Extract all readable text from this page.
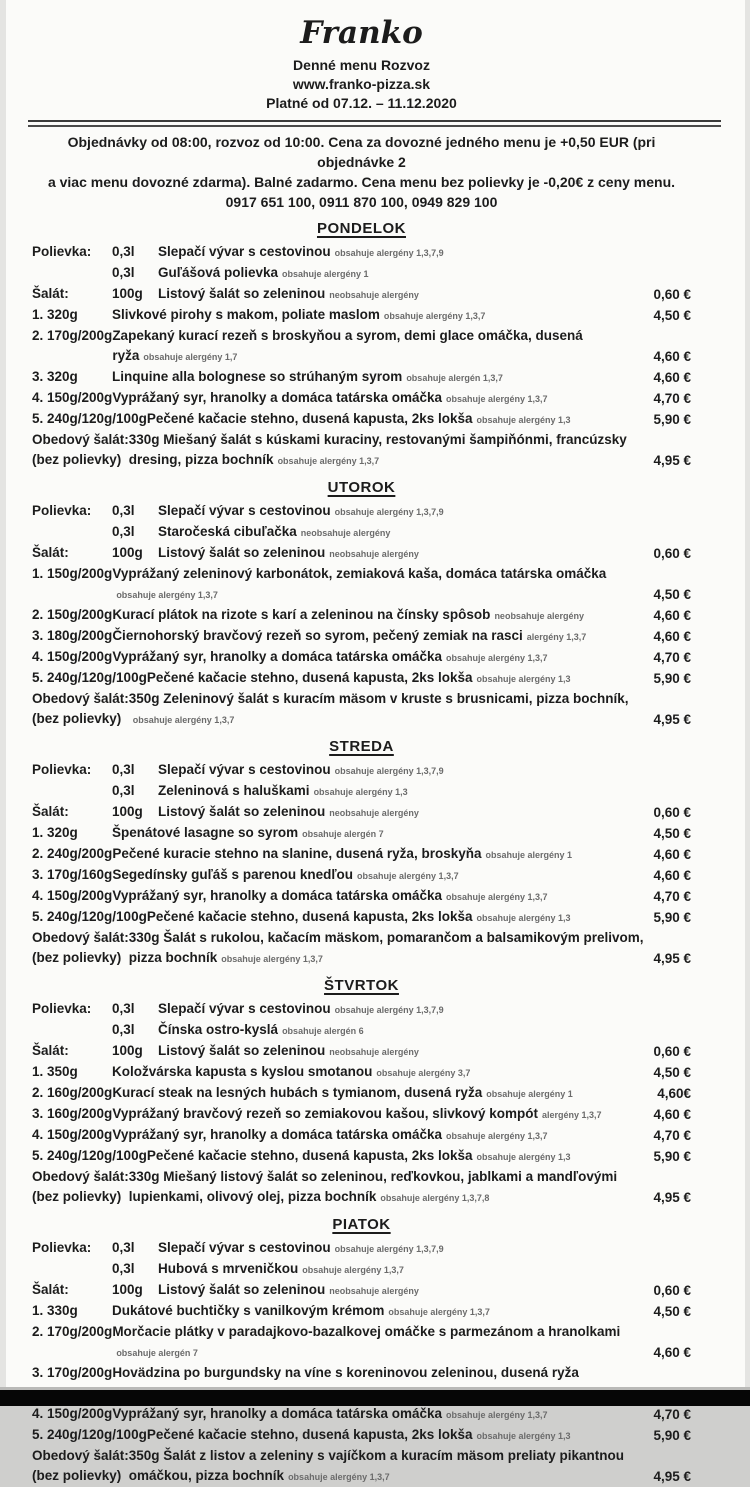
Franko
Denné menu Rozvoz
www.franko-pizza.sk
Platné od 07.12. – 11.12.2020
Objednávky od 08:00, rozvoz od 10:00. Cena za dovozné jedného menu je +0,50 EUR (pri objednávke 2
a viac menu dovozné zdarma). Balné zadarmo. Cena menu bez polievky je -0,20€ z ceny menu.
0917 651 100, 0911 870 100, 0949 829 100
PONDELOK
Polievka:	0,3l	Slepačí vývar s cestovinou obsahuje alergény 1,3,7,9

0,3l	Guľášová polievka obsahuje alergény 1
Šalát:	100g	Listový šalát so zeleninou neobsahuje alergény	0,60 €
1. 320g	Slivkové pirohy s makom, poliate maslom obsahuje alergény 1,3,7	4,50 €
2. 170g/200g Zapekaný kurací rezeň s broskyňou a syrom, demi glace omáčka, dusená
ryža obsahuje alergény 1,7	4,60 €
3. 320g	Linquine alla bolognese so strúhaným syrom obsahuje alergén 1,3,7	4,60 €
4. 150g/200g Vyprážaný syr, hranolky a domáca tatárska omáčka obsahuje alergény 1,3,7	4,70 €
5. 240g/120g/100g Pečené kačacie stehno, dusená kapusta, 2ks lokša obsahuje alergény 1,3	5,90 €
Obedový šalát:
(bez polievky)
330g Miešaný šalát s kúskami kuraciny, restovanými šampiňónmi, francúzsky
dresing, pizza bochník obsahuje alergény 1,3,7	4,95 €
UTOROK
Polievka:	0,3l	Slepačí vývar s cestovinou obsahuje alergény 1,3,7,9

0,3l	Staročeská cibuľačka neobsahuje alergény
Šalát:	100g	Listový šalát so zeleninou neobsahuje alergény	0,60 €
1. 150g/200g Vyprážaný zeleninový karbonátok, zemiaková kaša, domáca tatárska omáčka
obsahuje alergény 1,3,7	4,50 €
2. 150g/200g Kurací plátok na rizote s karí a zeleninou na čínsky spôsob neobsahuje alergény	4,60 €
3. 180g/200g Čiernohorský bravčový rezeň so syrom, pečený zemiak na rasci alergény 1,3,7	4,60 €
4. 150g/200g Vyprážaný syr, hranolky a domáca tatárska omáčka obsahuje alergény 1,3,7	4,70 €
5. 240g/120g/100g Pečené kačacie stehno, dusená kapusta, 2ks lokša obsahuje alergény 1,3	5,90 €
Obedový šalát:
(bez polievky)
350g Zeleninový šalát s kuracím mäsom v kruste s brusnicami, pizza bochník,
obsahuje alergény 1,3,7	4,95 €
STREDA
Polievka:	0,3l	Slepačí vývar s cestovinou obsahuje alergény 1,3,7,9

0,3l	Zeleninová s haluškami obsahuje alergény 1,3
Šalát:	100g	Listový šalát so zeleninou neobsahuje alergény	0,60 €
1. 320g	Špenátové lasagne so syrom obsahuje alergén 7	4,50 €
2. 240g/200g Pečené kuracie stehno na slanine, dusená ryža, broskyňa obsahuje alergény 1	4,60 €
3. 170g/160g Segedínsky guľáš s parenou knedľou obsahuje alergény 1,3,7	4,60 €
4. 150g/200g Vyprážaný syr, hranolky a domáca tatárska omáčka obsahuje alergény 1,3,7	4,70 €
5. 240g/120g/100g Pečené kačacie stehno, dusená kapusta, 2ks lokša obsahuje alergény 1,3	5,90 €
Obedový šalát:
(bez polievky)
330g Šalát s rukolou, kačacím mäskom, pomarančom a balsamikovým prelivom,
pizza bochník obsahuje alergény 1,3,7	4,95 €
ŠTVRTOK
Polievka:	0,3l	Slepačí vývar s cestovinou obsahuje alergény 1,3,7,9

0,3l	Čínska ostro-kyslá obsahuje alergén 6
Šalát:	100g	Listový šalát so zeleninou neobsahuje alergény	0,60 €
1. 350g	Koložvárska kapusta s kyslou smotanou obsahuje alergény 3,7	4,50 €
2. 160g/200g Kurací steak na lesných hubách s tymianom, dusená ryža obsahuje alergény 1	4,60€
3. 160g/200g Vyprážaný bravčový rezeň so zemiakovou kašou, slivkový kompót alergény 1,3,7	4,60 €
4. 150g/200g Vyprážaný syr, hranolky a domáca tatárska omáčka obsahuje alergény 1,3,7	4,70 €
5. 240g/120g/100g Pečené kačacie stehno, dusená kapusta, 2ks lokša obsahuje alergény 1,3	5,90 €
Obedový šalát:
(bez polievky)
330g Miešaný listový šalát so zeleninou, reďkovkou, jablkami a mandľovými
lupienkami, olivový olej, pizza bochník obsahuje alergény 1,3,7,8	4,95 €
PIATOK
Polievka:	0,3l	Slepačí vývar s cestovinou obsahuje alergény 1,3,7,9

0,3l	Hubová s mrveničkou obsahuje alergény 1,3,7
Šalát:	100g	Listový šalát so zeleninou neobsahuje alergény	0,60 €
1. 330g	Dukátové buchtičky s vanilkovým krémom obsahuje alergény 1,3,7	4,50 €
2. 170g/200g Morčacie plátky v paradajkovo-bazalkovej omáčke s parmezánom a hranolkami
obsahuje alergén 7	4,60 €
3. 170g/200g Hovädzina po burgundsky na víne s koreninovou zeleninou, dusená ryža
4. 150g/200g Vyprážaný syr, hranolky a domáca tatárska omáčka obsahuje alergény 1,3,7	4,70 €
5. 240g/120g/100g Pečené kačacie stehno, dusená kapusta, 2ks lokša obsahuje alergény 1,3	5,90 €
Obedový šalát:
(bez polievky)
350g Šalát z listov a zeleniny s vajíčkom a kuracím mäsom preliaty pikantnou
omáčkou, pizza bochník obsahuje alergény 1,3,7	4,95 €
